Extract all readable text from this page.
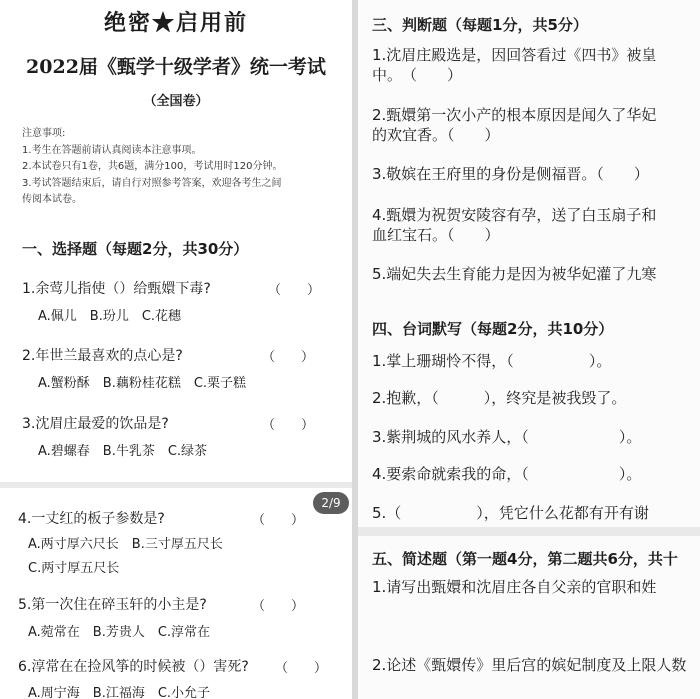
绝密★启用前
2022届《甄学十级学者》统一考试
（全国卷）
注意事项:
1.考生在答题前请认真阅读本注意事项。
2.本试卷只有1卷，共6题，满分100，考试用时120分钟。
3.考试答题结束后，请自行对照参考答案，欢迎各考生之间
传阅本试卷。
一、选择题（每题2分，共30分）
1.余莺儿指使（）给甄嬛下毒?	（　　）
A.佩儿　B.玢儿　C.花穗
2.年世兰最喜欢的点心是?	（　　）
A.蟹粉酥　B.藕粉桂花糕　C.栗子糕
3.沈眉庄最爱的饮品是?	（　　）
A.碧螺春　B.牛乳茶　C.绿茶
4.一丈红的板子参数是?	（　　）
A.两寸厚六尺长　B.三寸厚五尺长
C.两寸厚五尺长
5.第一次住在碎玉轩的小主是?	（　　）
A.菀常在　B.芳贵人　C.淳常在
6.淳常在在捡风筝的时候被（）害死? （　　）
A.周宁海　B.江福海　C.小允子
2/9
三、判断题（每题1分，共5分）
1.沈眉庄殿选是，因回答看过《四书》被皇
中。　（　　）
2.甄嬛第一次小产的根本原因是闻久了华妃
的欢宜香。（　　）
3.敬嫔在王府里的身份是侧福晋。（　　）
4.甄嬛为祝贺安陵容有孕，送了白玉扇子和
血红宝石。（　　）
5.端妃失去生育能力是因为被华妃灌了九寒
四、台词默写（每题2分，共10分）
1.掌上珊瑚怜不得，（　　　　　）。
2.抱歉，（　　　），终究是被我毁了。
3.紫荆城的风水养人，（　　　　　　）。
4.要索命就索我的命，（　　　　　　）。
5.（　　　　　），凭它什么花都有开有谢
五、简述题（第一题4分，第二题共6分，共十
1.请写出甄嬛和沈眉庄各自父亲的官职和姓
2.论述《甄嬛传》里后宫的嫔妃制度及上限人数
